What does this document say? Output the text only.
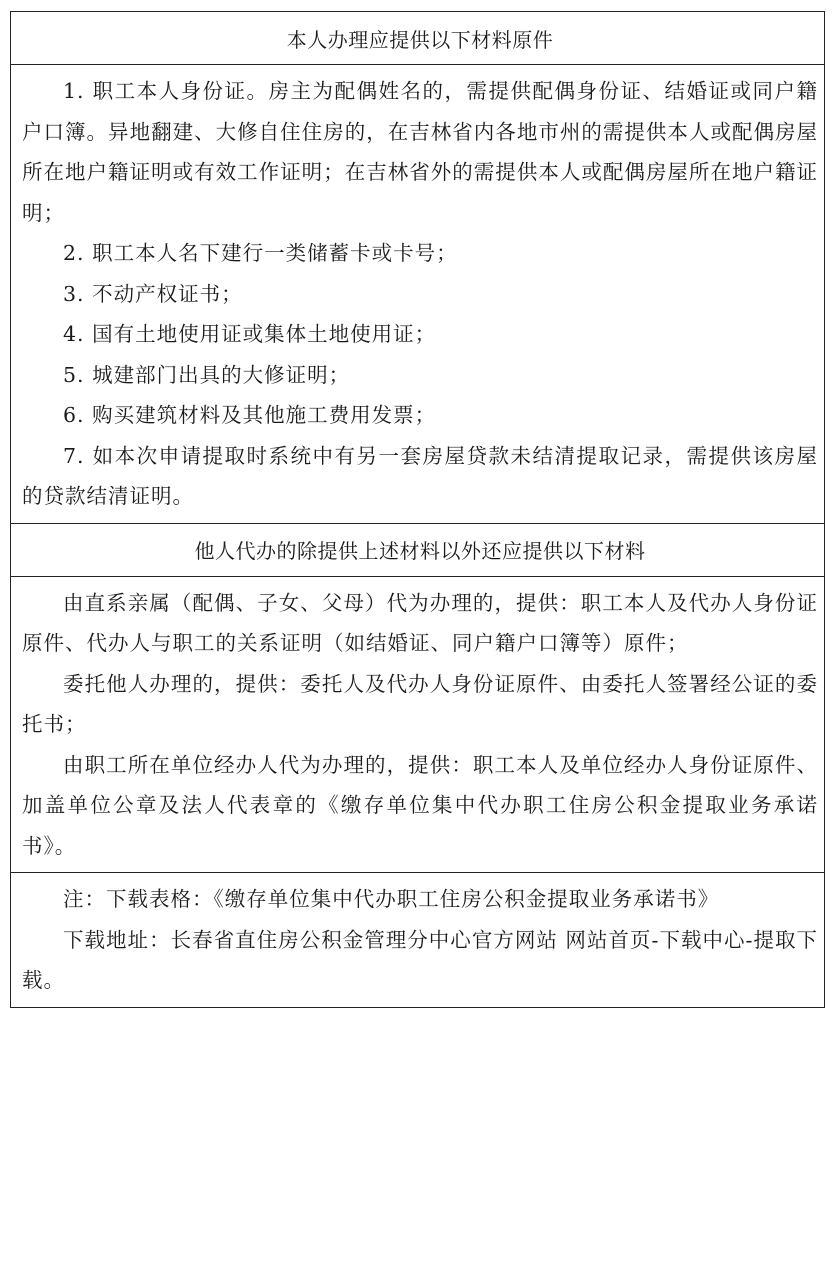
本人办理应提供以下材料原件

1. 职工本人身份证。房主为配偶姓名的，需提供配偶身份证、结婚证或同户籍户口簿。异地翻建、大修自住住房的，在吉林省内各地市州的需提供本人或配偶房屋所在地户籍证明或有效工作证明；在吉林省外的需提供本人或配偶房屋所在地户籍证明；

2. 职工本人名下建行一类储蓄卡或卡号；

3. 不动产权证书；

4. 国有土地使用证或集体土地使用证；

5. 城建部门出具的大修证明；

6. 购买建筑材料及其他施工费用发票；

7. 如本次申请提取时系统中有另一套房屋贷款未结清提取记录，需提供该房屋的贷款结清证明。

他人代办的除提供上述材料以外还应提供以下材料

由直系亲属（配偶、子女、父母）代为办理的，提供：职工本人及代办人身份证原件、代办人与职工的关系证明（如结婚证、同户籍户口簿等）原件；

委托他人办理的，提供：委托人及代办人身份证原件、由委托人签署经公证的委托书；

由职工所在单位经办人代为办理的，提供：职工本人及单位经办人身份证原件、加盖单位公章及法人代表章的《缴存单位集中代办职工住房公积金提取业务承诺书》。

注：下载表格：《缴存单位集中代办职工住房公积金提取业务承诺书》

下载地址：长春省直住房公积金管理分中心官方网站 网站首页-下载中心-提取下载。
